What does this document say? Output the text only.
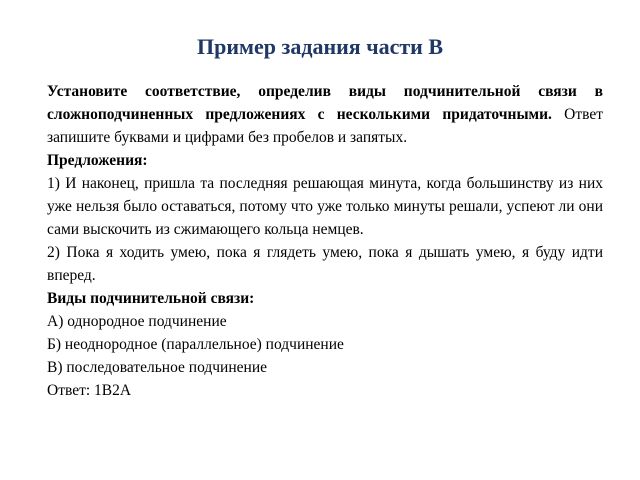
Пример задания части В

Установите соответствие, определив виды подчинительной связи в сложноподчиненных предложениях с несколькими придаточными. Ответ запишите буквами и цифрами без пробелов и запятых.

Предложения:

1) И наконец, пришла та последняя решающая минута, когда большинству из них уже нельзя было оставаться, потому что уже только минуты решали, успеют ли они сами выскочить из сжимающего кольца немцев.

2) Пока я ходить умею, пока я глядеть умею, пока я дышать умею, я буду идти вперед.

Виды подчинительной связи:

А) однородное подчинение

Б) неоднородное (параллельное) подчинение

В) последовательное подчинение

Ответ: 1В2А
